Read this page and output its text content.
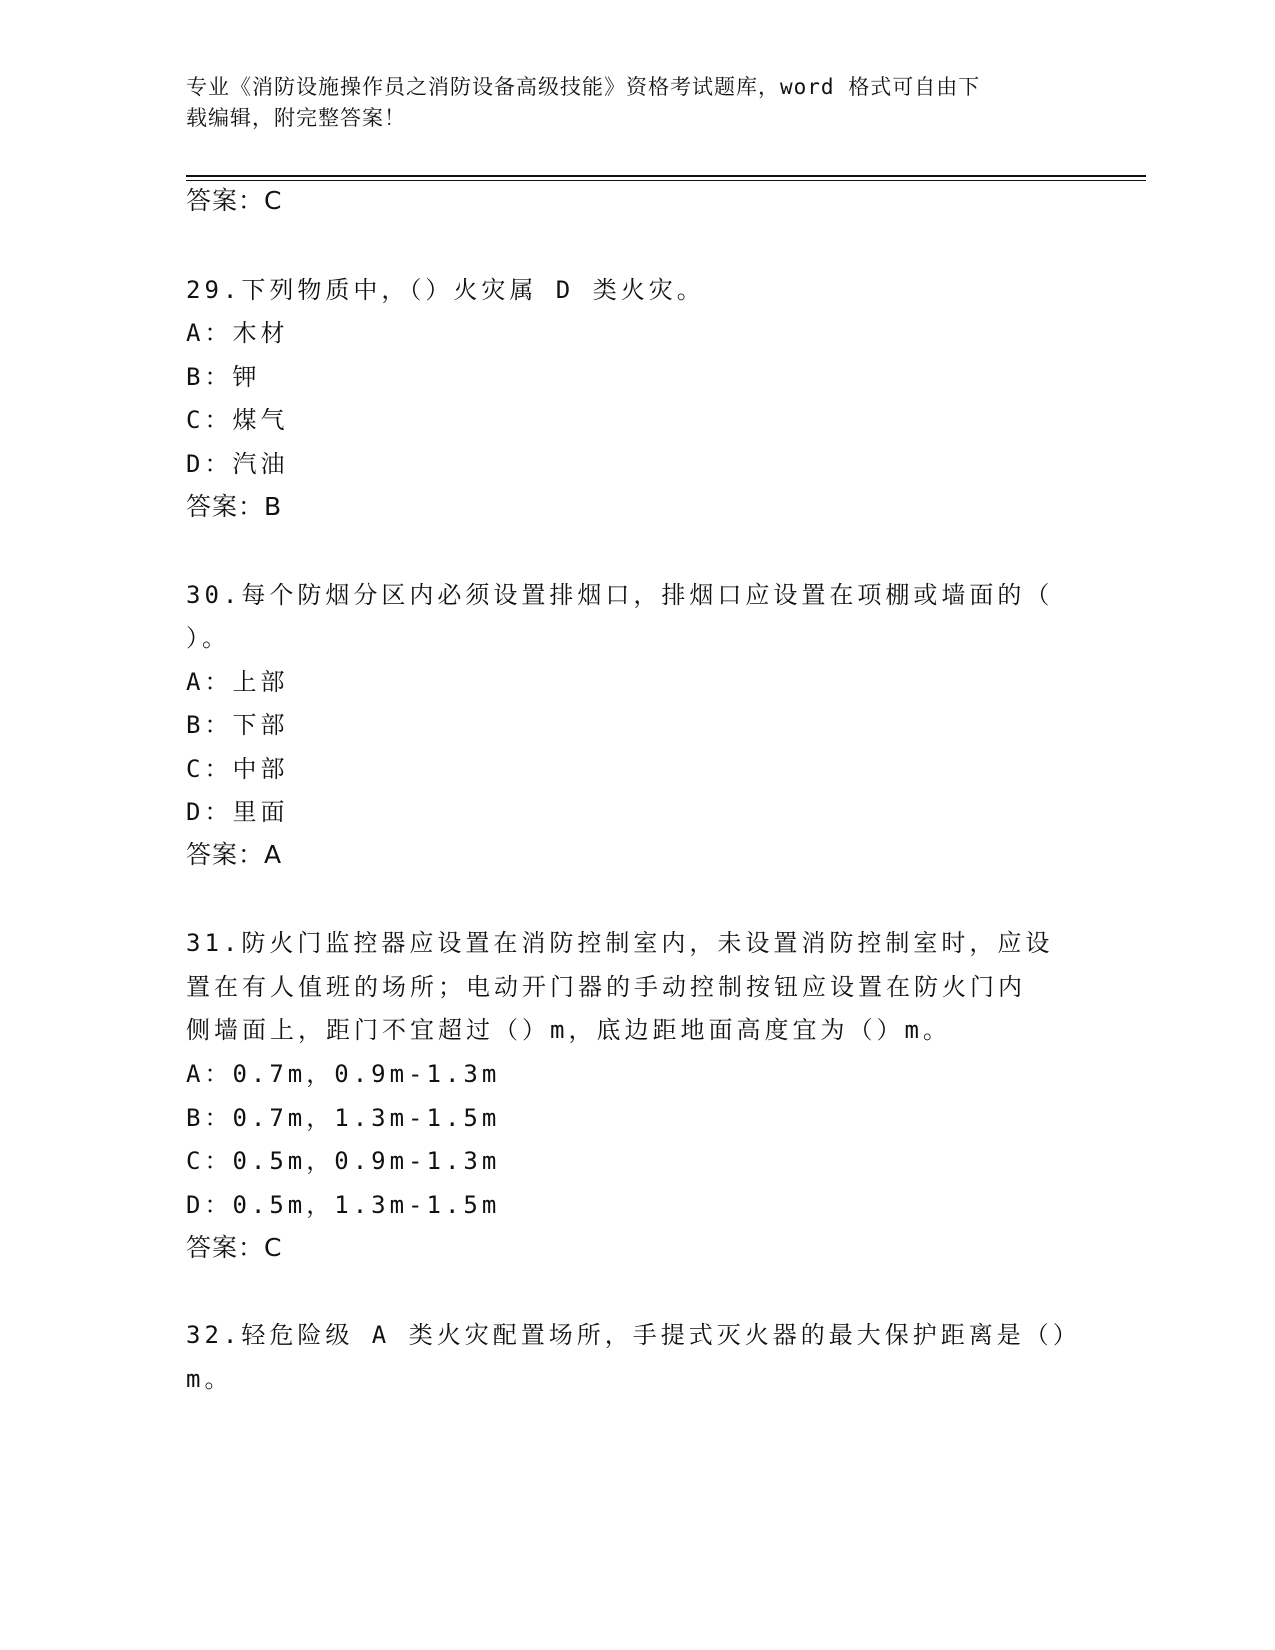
专业《消防设施操作员之消防设备高级技能》资格考试题库，word 格式可自由下
载编辑，附完整答案！
答案：C
29.下列物质中，（）火灾属 D 类火灾。
A：木材
B：钾
C：煤气
D：汽油
答案：B
30.每个防烟分区内必须设置排烟口，排烟口应设置在项棚或墙面的（
）。
A：上部
B：下部
C：中部
D：里面
答案：A
31.防火门监控器应设置在消防控制室内，未设置消防控制室时，应设
置在有人值班的场所；电动开门器的手动控制按钮应设置在防火门内
侧墙面上，距门不宜超过（）m，底边距地面高度宜为（）m。
A：0.7m，0.9m-1.3m
B：0.7m，1.3m-1.5m
C：0.5m，0.9m-1.3m
D：0.5m，1.3m-1.5m
答案：C
32.轻危险级 A 类火灾配置场所，手提式灭火器的最大保护距离是（）
m。
